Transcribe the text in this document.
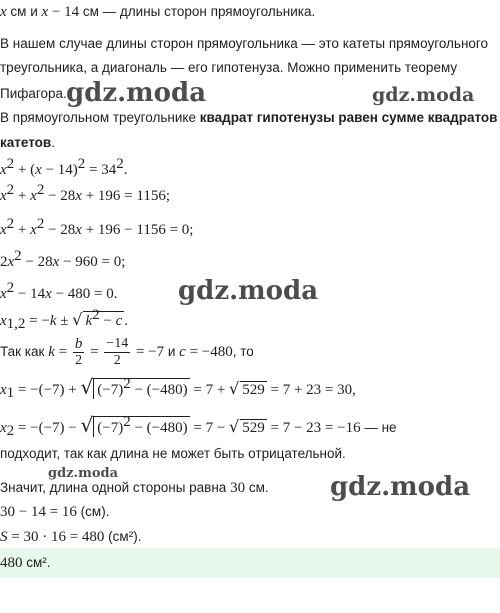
gdz.moda	gdz.moda
gdz.moda
gdz.moda	gdz.moda
x см и x − 14 см — длины сторон прямоугольника.
В нашем случае длины сторон прямоугольника — это катеты прямоугольного
треугольника, а диагональ — его гипотенуза. Можно применить теорему
Пифагора.
В прямоугольном треугольнике квадрат гипотенузы равен сумме квадратов
катетов.
$x^2 + (x - 14)^2 = 34^2$.
$x^2 + x^2 - 28x + 196 = 1156$;
$x^2 + x^2 - 28x + 196 - 1156 = 0$;
$2x^2 - 28x - 960 = 0$;
$x^2 - 14x - 480 = 0$.
$x_{1,2} = -k$ ± √ $k^2 - c$ .
Так как $k = \frac{b}{2} = \frac{-14}{2} = -7$ и c = −480, то
$x_1 = -(-7)$ + √ $(-7)^2 - (-480) = 7$ + √ 529 = 7 + 23 = 30,
$x_2 = -(-7)$ − √ $(-7)^2 - (-480) = 7$ − √ 529 = 7 − 23 = −16 — не
подходит, так как длина не может быть отрицательной.
Значит, длина одной стороны равна 30 см.
30 − 14 = 16 (см).
S = 30 · 16 = 480 (см²).
480 см².
